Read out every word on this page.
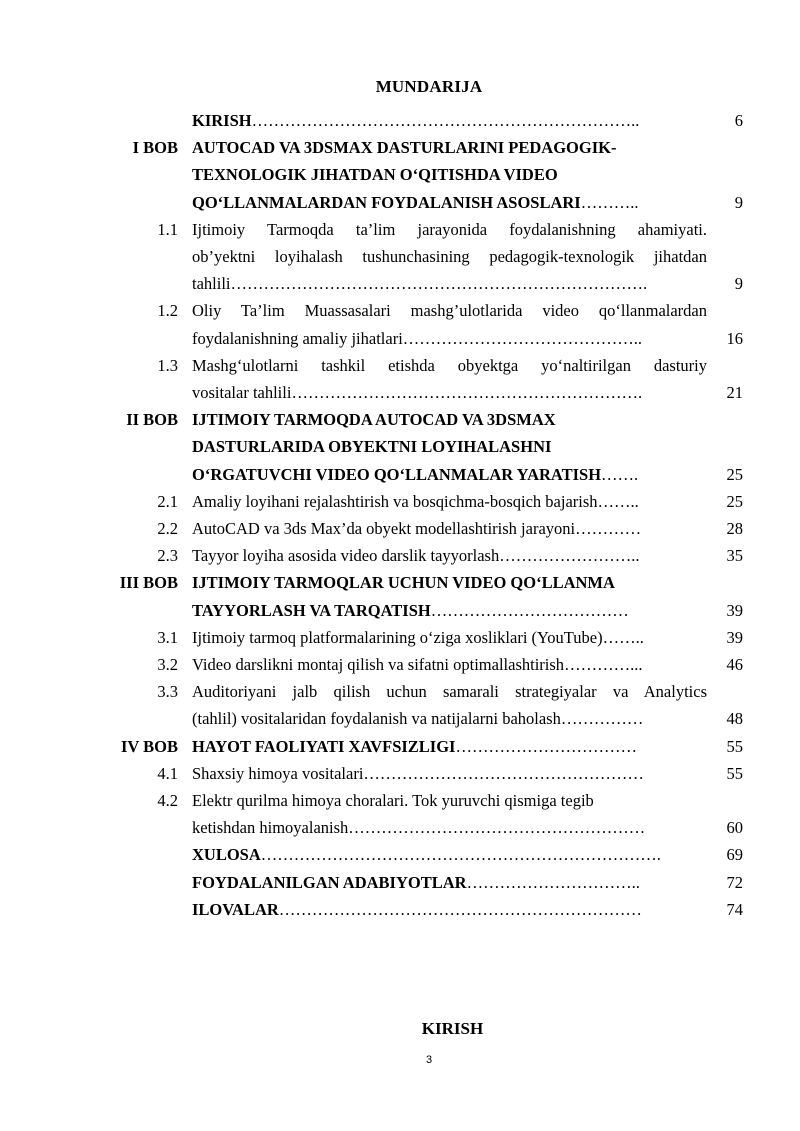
MUNDARIJA
KIRISH……………………………………………………………..	6
I BOB AUTOCAD VA 3DSMAX DASTURLARINI PEDAGOGIK-
TEXNOLOGIK JIHATDAN O‘QITISHDA VIDEO
QO‘LLANMALARDAN FOYDALANISH ASOSLARI………..	9
1.1 Ijtimoiy Tarmoqda ta’lim jarayonida foydalanishning ahamiyati.
ob’yektni loyihalash tushunchasining pedagogik-texnologik jihatdan
tahlili………………………………………………………………….	9
1.2 Oliy Ta’lim Muassasalari mashg’ulotlarida video qo‘llanmalardan
foydalanishning amaliy jihatlari……………………………………..	16
1.3 Mashg‘ulotlarni tashkil etishda obyektga yo‘naltirilgan dasturiy
vositalar tahlili……………………………………………………….	21
II BOB IJTIMOIY TARMOQDA AUTOCAD VA 3DSMAX
DASTURLARIDA OBYEKTNI LOYIHALASHNI
O‘RGATUVCHI VIDEO QO‘LLANMALAR YARATISH…….	25
2.1 Amaliy loyihani rejalashtirish va bosqichma-bosqich bajarish……..	25
2.2 AutoCAD va 3ds Max’da obyekt modellashtirish jarayoni…………	28
2.3 Tayyor loyiha asosida video darslik tayyorlash……………………..	35
III BOB IJTIMOIY TARMOQLAR UCHUN VIDEO QO‘LLANMA
TAYYORLASH VA TARQATISH………………………………	39
3.1 Ijtimoiy tarmoq platformalarining o‘ziga xosliklari (YouTube)……..	39
3.2 Video darslikni montaj qilish va sifatni optimallashtirish…………...	46
3.3 Auditoriyani jalb qilish uchun samarali strategiyalar va Analytics
(tahlil) vositalaridan foydalanish va natijalarni baholash……………	48
IV BOB HAYOT FAOLIYATI XAVFSIZLIGI……………………………	55
4.1 Shaxsiy himoya vositalari……………………………………………	55
4.2 Elektr qurilma himoya choralari. Tok yuruvchi qismiga tegib
ketishdan himoyalanish………………………………………………	60
XULOSA……………………………………………………………….	69
FOYDALANILGAN ADABIYOTLAR…………………………..	72
ILOVALAR…………………………………………………………	74
KIRISH
3
